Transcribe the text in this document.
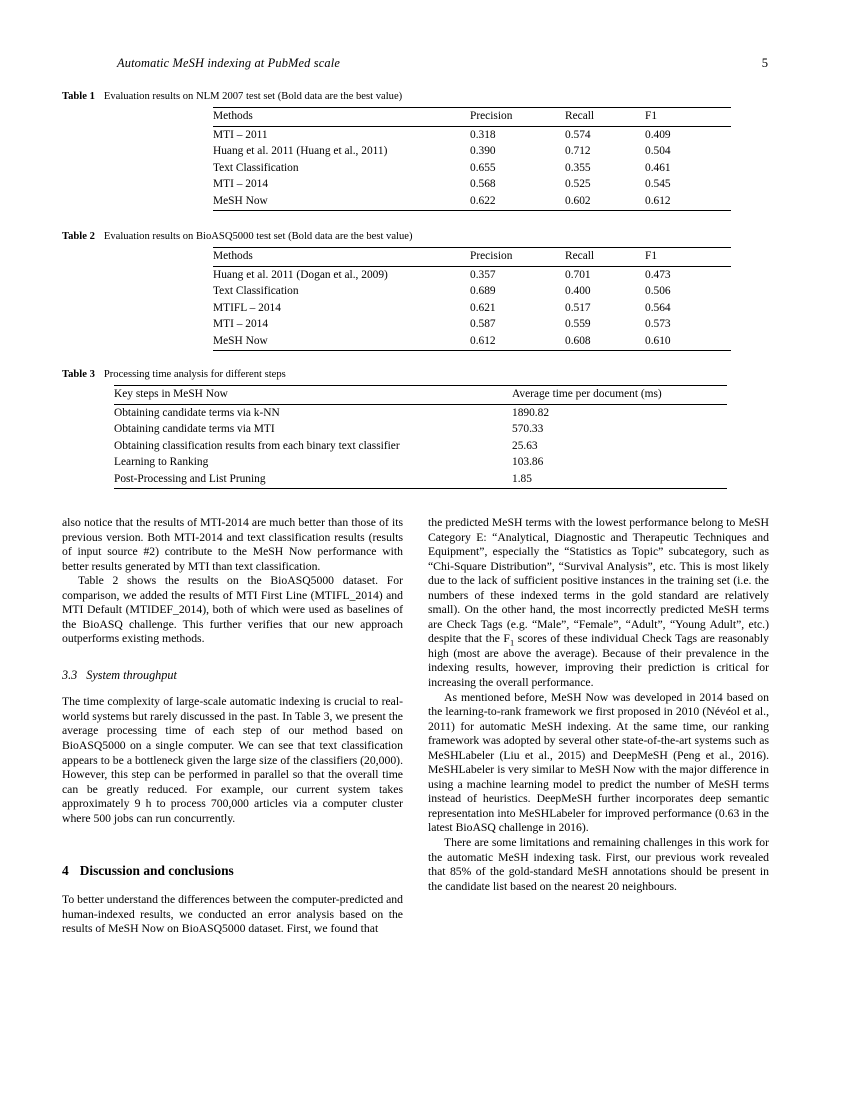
Automatic MeSH indexing at PubMed scale	5

Table 1 Evaluation results on NLM 2007 test set (Bold data are the best value)

Methods	Precision	Recall	F1
MTI – 2011	0.318	0.574	0.409
Huang et al. 2011 (Huang et al., 2011)	0.390	0.712	0.504
Text Classification	0.655	0.355	0.461
MTI – 2014	0.568	0.525	0.545
MeSH Now	0.622	0.602	0.612

Table 2 Evaluation results on BioASQ5000 test set (Bold data are the best value)

Methods	Precision	Recall	F1
Huang et al. 2011 (Dogan et al., 2009)	0.357	0.701	0.473
Text Classification	0.689	0.400	0.506
MTIFL – 2014	0.621	0.517	0.564
MTI – 2014	0.587	0.559	0.573
MeSH Now	0.612	0.608	0.610

Table 3 Processing time analysis for different steps

Key steps in MeSH Now	Average time per document (ms)
Obtaining candidate terms via k-NN	1890.82
Obtaining candidate terms via MTI	570.33
Obtaining classification results from each binary text classifier	25.63
Learning to Ranking	103.86
Post-Processing and List Pruning	1.85

also notice that the results of MTI-2014 are much better than those of its previous version. Both MTI-2014 and text classification results (results of input source #2) contribute to the MeSH Now performance with better results generated by MTI than text classification.

Table 2 shows the results on the BioASQ5000 dataset. For comparison, we added the results of MTI First Line (MTIFL_2014) and MTI Default (MTIDEF_2014), both of which were used as baselines of the BioASQ challenge. This further verifies that our new approach outperforms existing methods.

3.3 System throughput

The time complexity of large-scale automatic indexing is crucial to real-world systems but rarely discussed in the past. In Table 3, we present the average processing time of each step of our method based on BioASQ5000 on a single computer. We can see that text classification appears to be a bottleneck given the large size of the classifiers (20,000). However, this step can be performed in parallel so that the overall time can be greatly reduced. For example, our current system takes approximately 9 h to process 700,000 articles via a computer cluster where 500 jobs can run concurrently.

4 Discussion and conclusions

To better understand the differences between the computer-predicted and human-indexed results, we conducted an error analysis based on the results of MeSH Now on BioASQ5000 dataset. First, we found that

the predicted MeSH terms with the lowest performance belong to MeSH Category E: “Analytical, Diagnostic and Therapeutic Techniques and Equipment”, especially the “Statistics as Topic” subcategory, such as “Chi-Square Distribution”, “Survival Analysis”, etc. This is most likely due to the lack of sufficient positive instances in the training set (i.e. the numbers of these indexed terms in the gold standard are relatively small). On the other hand, the most incorrectly predicted MeSH terms are Check Tags (e.g. “Male”, “Female”, “Adult”, “Young Adult”, etc.) despite that the $F_1$ scores of these individual Check Tags are reasonably high (most are above the average). Because of their prevalence in the indexing results, however, improving their prediction is critical for increasing the overall performance.

As mentioned before, MeSH Now was developed in 2014 based on the learning-to-rank framework we first proposed in 2010 (Névéol et al., 2011) for automatic MeSH indexing. At the same time, our ranking framework was adopted by several other state-of-the-art systems such as MeSHLabeler (Liu et al., 2015) and DeepMeSH (Peng et al., 2016). MeSHLabeler is very similar to MeSH Now with the major difference in using a machine learning model to predict the number of MeSH terms instead of heuristics. DeepMeSH further incorporates deep semantic representation into MeSHLabeler for improved performance (0.63 in the latest BioASQ challenge in 2016).

There are some limitations and remaining challenges in this work for the automatic MeSH indexing task. First, our previous work revealed that 85% of the gold-standard MeSH annotations should be present in the candidate list based on the nearest 20 neighbours.
